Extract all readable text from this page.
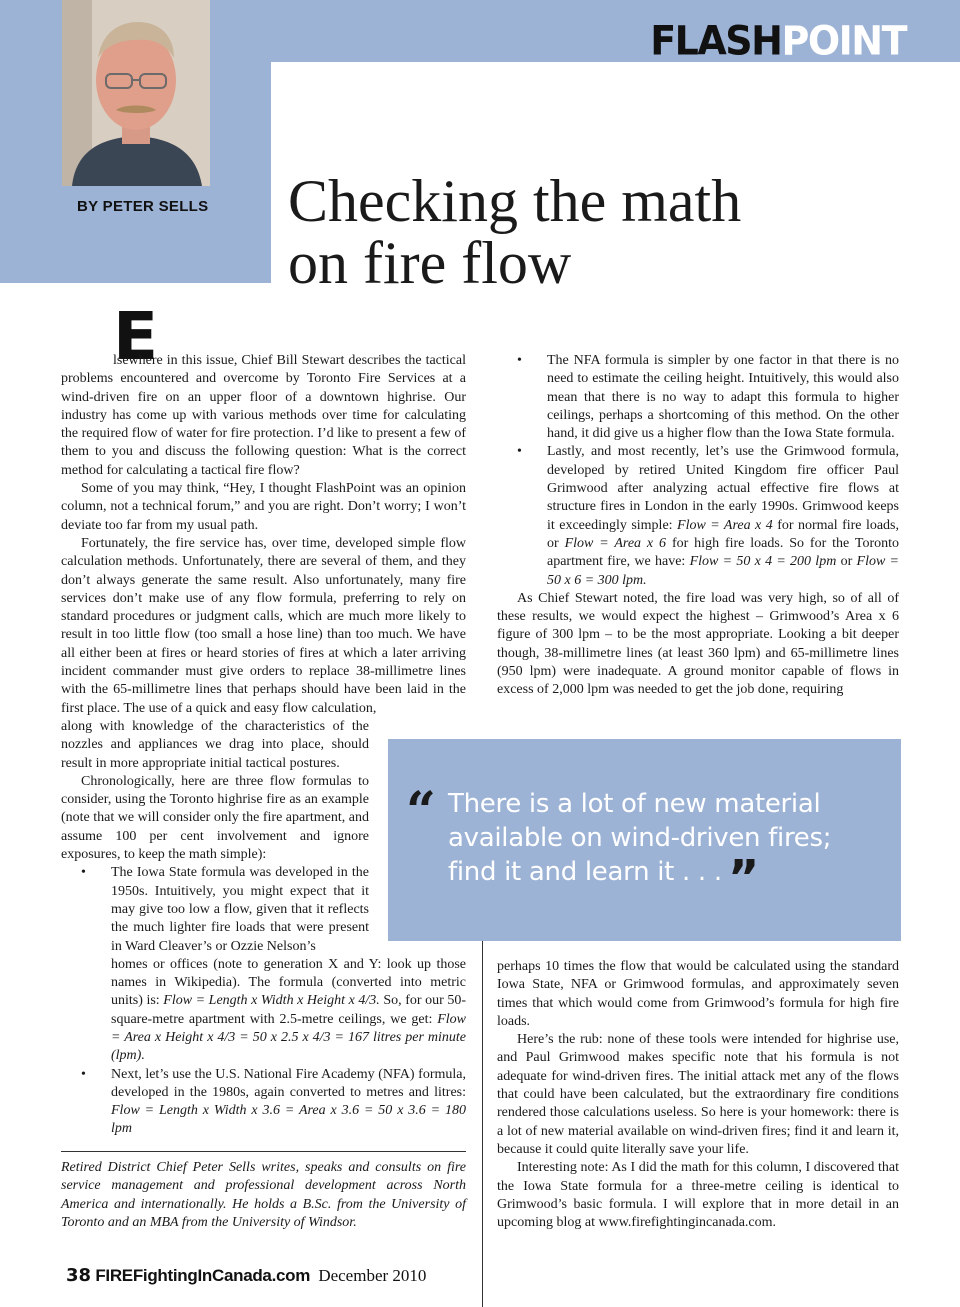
BY PETER SELLS
FLASHPOINT
Checking the math
on fire flow
E

lsewhere in this issue, Chief Bill Stewart describes the tactical problems encountered and overcome by Toronto Fire Services at a wind-driven fire on an upper floor of a downtown highrise. Our industry has come up with various methods over time for calculating the required flow of water for fire protection. I’d like to present a few of them to you and discuss the following question: What is the correct method for calculating a tactical fire flow?

Some of you may think, “Hey, I thought FlashPoint was an opinion column, not a technical forum,” and you are right. Don’t worry; I won’t deviate too far from my usual path.

Fortunately, the fire service has, over time, developed simple flow calculation methods. Unfortunately, there are several of them, and they don’t always generate the same result. Also unfortunately, many fire services don’t make use of any flow formula, preferring to rely on standard procedures or judgment calls, which are much more likely to result in too little flow (too small a hose line) than too much. We have all either been at fires or heard stories of fires at which a later arriving incident commander must give orders to replace 38-millimetre lines with the 65-millimetre lines that perhaps should have been laid in the first place. The use of a quick and easy flow calculation,

along with knowledge of the characteristics of the nozzles and appliances we drag into place, should result in more appropriate initial tactical postures.

Chronologically, here are three flow formulas to consider, using the Toronto highrise fire as an example (note that we will consider only the fire apartment, and assume 100 per cent involvement and ignore exposures, to keep the math simple):

• The Iowa State formula was developed in the 1950s. Intuitively, you might expect that it may give too low a flow, given that it reflects the much lighter fire loads that were present in Ward Cleaver’s or Ozzie Nelson’s

homes or offices (note to generation X and Y: look up those names in Wikipedia). The formula (converted into metric units) is: Flow = Length x Width x Height x 4/3. So, for our 50-square-metre apartment with 2.5-metre ceilings, we get: Flow = Area x Height x 4/3 = 50 x 2.5 x 4/3 = 167 litres per minute (lpm).

• Next, let’s use the U.S. National Fire Academy (NFA) formula, developed in the 1980s, again converted to metres and litres: Flow = Length x Width x 3.6 = Area x 3.6 = 50 x 3.6 = 180 lpm

• The NFA formula is simpler by one factor in that there is no need to estimate the ceiling height. Intuitively, this would also mean that there is no way to adapt this formula to higher ceilings, perhaps a shortcoming of this method. On the other hand, it did give us a higher flow than the Iowa State formula.

• Lastly, and most recently, let’s use the Grimwood formula, developed by retired United Kingdom fire officer Paul Grimwood after analyzing actual effective fire flows at structure fires in London in the early 1990s. Grimwood keeps it exceedingly simple: Flow = Area x 4 for normal fire loads, or Flow = Area x 6 for high fire loads. So for the Toronto apartment fire, we have: Flow = 50 x 4 = 200 lpm or Flow = 50 x 6 = 300 lpm.

As Chief Stewart noted, the fire load was very high, so of all of these results, we would expect the highest – Grimwood’s Area x 6 figure of 300 lpm – to be the most appropriate. Looking a bit deeper though, 38-millimetre lines (at least 360 lpm) and 65-millimetre lines (950 lpm) were inadequate. A ground monitor capable of flows in excess of 2,000 lpm was needed to get the job done, requiring

“ There is a lot of new material
available on wind-driven fires;
find it and learn it . . . ”

perhaps 10 times the flow that would be calculated using the standard Iowa State, NFA or Grimwood formulas, and approximately seven times that which would come from Grimwood’s formula for high fire loads.

Here’s the rub: none of these tools were intended for highrise use, and Paul Grimwood makes specific note that his formula is not adequate for wind-driven fires. The initial attack met any of the flows that could have been calculated, but the extraordinary fire conditions rendered those calculations useless. So here is your homework: there is a lot of new material available on wind-driven fires; find it and learn it, because it could quite literally save your life.

Interesting note: As I did the math for this column, I discovered that the Iowa State formula for a three-metre ceiling is identical to Grimwood’s basic formula. I will explore that in more detail in an upcoming blog at www.firefightingincanada.com.

Retired District Chief Peter Sells writes, speaks and consults on fire service management and professional development across North America and internationally. He holds a B.Sc. from the University of Toronto and an MBA from the University of Windsor.
38 FIREFightingInCanada.com December 2010
